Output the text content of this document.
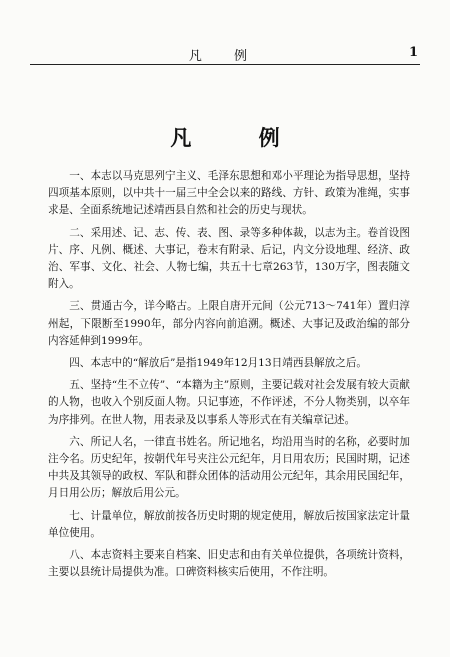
凡 例	1
凡 例

一、本志以马克思列宁主义、毛泽东思想和邓小平理论为指导思想，坚持四项基本原则，以中共十一届三中全会以来的路线、方针、政策为准绳，实事求是、全面系统地记述靖西县自然和社会的历史与现状。

二、采用述、记、志、传、表、图、录等多种体裁，以志为主。卷首设图片、序、凡例、概述、大事记，卷末有附录、后记，内文分设地理、经济、政治、军事、文化、社会、人物七编，共五十七章263节，130万字，图表随文附入。

三、贯通古今，详今略古。上限自唐开元间（公元713～741年）置归淳州起，下限断至1990年，部分内容向前追溯。概述、大事记及政治编的部分内容延伸到1999年。

四、本志中的“解放后”是指1949年12月13日靖西县解放之后。

五、坚持“生不立传”、“本籍为主”原则，主要记载对社会发展有较大贡献的人物，也收入个别反面人物。只记事迹，不作评述，不分人物类别，以卒年为序排列。在世人物，用表录及以事系人等形式在有关编章记述。

六、所记人名，一律直书姓名。所记地名，均沿用当时的名称，必要时加注今名。历史纪年，按朝代年号夹注公元纪年，月日用农历；民国时期，记述中共及其领导的政权、军队和群众团体的活动用公元纪年，其余用民国纪年，月日用公历；解放后用公元。

七、计量单位，解放前按各历史时期的规定使用，解放后按国家法定计量单位使用。

八、本志资料主要来自档案、旧史志和由有关单位提供，各项统计资料，主要以县统计局提供为准。口碑资料核实后使用，不作注明。
